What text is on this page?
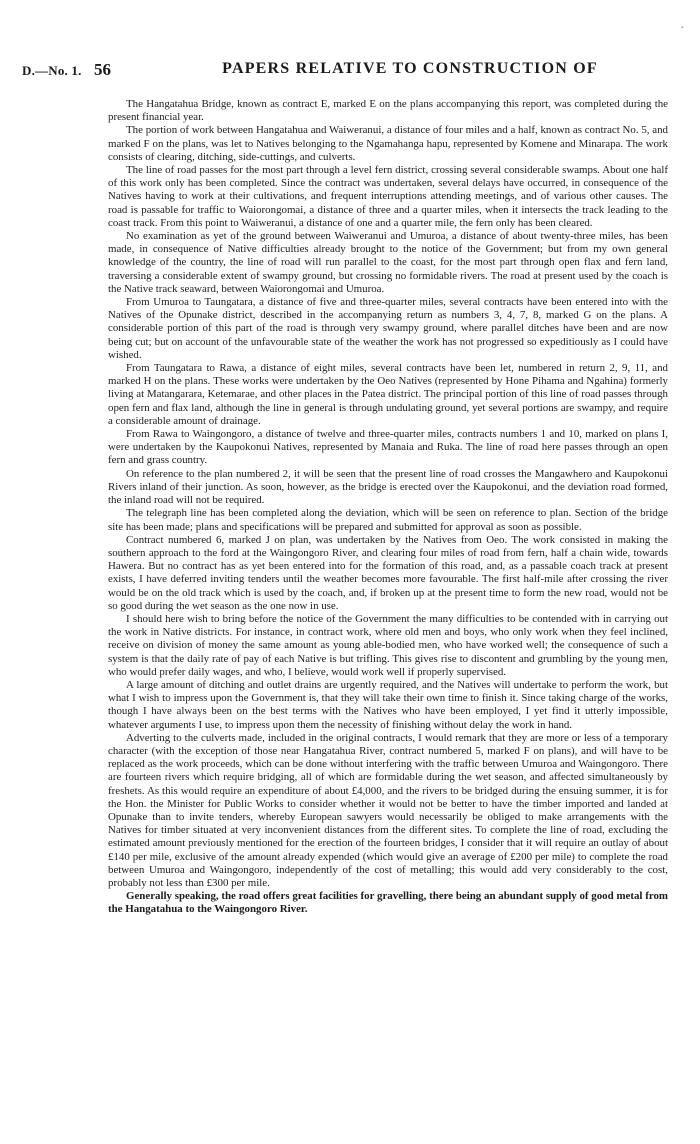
-
D.—No. 1. 56	PAPERS RELATIVE TO CONSTRUCTION OF

The Hangatahua Bridge, known as contract E, marked E on the plans accompanying this report, was completed during the present financial year.

The portion of work between Hangatahua and Waiweranui, a distance of four miles and a half, known as contract No. 5, and marked F on the plans, was let to Natives belonging to the Ngamahanga hapu, represented by Komene and Minarapa. The work consists of clearing, ditching, side-cuttings, and culverts.

The line of road passes for the most part through a level fern district, crossing several considerable swamps. About one half of this work only has been completed. Since the contract was undertaken, several delays have occurred, in consequence of the Natives having to work at their cultivations, and frequent interruptions attending meetings, and of various other causes. The road is passable for traffic to Waiorongomai, a distance of three and a quarter miles, when it intersects the track leading to the coast track. From this point to Waiweranui, a distance of one and a quarter mile, the fern only has been cleared.

No examination as yet of the ground between Waiweranui and Umuroa, a distance of about twenty-three miles, has been made, in consequence of Native difficulties already brought to the notice of the Government; but from my own general knowledge of the country, the line of road will run parallel to the coast, for the most part through open flax and fern land, traversing a considerable extent of swampy ground, but crossing no formidable rivers. The road at present used by the coach is the Native track seaward, between Waiorongomai and Umuroa.

From Umuroa to Taungatara, a distance of five and three-quarter miles, several contracts have been entered into with the Natives of the Opunake district, described in the accompanying return as numbers 3, 4, 7, 8, marked G on the plans. A considerable portion of this part of the road is through very swampy ground, where parallel ditches have been and are now being cut; but on account of the unfavourable state of the weather the work has not progressed so expeditiously as I could have wished.

From Taungatara to Rawa, a distance of eight miles, several contracts have been let, numbered in return 2, 9, 11, and marked H on the plans. These works were undertaken by the Oeo Natives (represented by Hone Pihama and Ngahina) formerly living at Matangarara, Ketemarae, and other places in the Patea district. The principal portion of this line of road passes through open fern and flax land, although the line in general is through undulating ground, yet several portions are swampy, and require a considerable amount of drainage.

From Rawa to Waingongoro, a distance of twelve and three-quarter miles, contracts numbers 1 and 10, marked on plans I, were undertaken by the Kaupokonui Natives, represented by Manaia and Ruka. The line of road here passes through an open fern and grass country.

On reference to the plan numbered 2, it will be seen that the present line of road crosses the Mangawhero and Kaupokonui Rivers inland of their junction. As soon, however, as the bridge is erected over the Kaupokonui, and the deviation road formed, the inland road will not be required.

The telegraph line has been completed along the deviation, which will be seen on reference to plan. Section of the bridge site has been made; plans and specifications will be prepared and submitted for approval as soon as possible.

Contract numbered 6, marked J on plan, was undertaken by the Natives from Oeo. The work consisted in making the southern approach to the ford at the Waingongoro River, and clearing four miles of road from fern, half a chain wide, towards Hawera. But no contract has as yet been entered into for the formation of this road, and, as a passable coach track at present exists, I have deferred inviting tenders until the weather becomes more favourable. The first half-mile after crossing the river would be on the old track which is used by the coach, and, if broken up at the present time to form the new road, would not be so good during the wet season as the one now in use.

I should here wish to bring before the notice of the Government the many difficulties to be contended with in carrying out the work in Native districts. For instance, in contract work, where old men and boys, who only work when they feel inclined, receive on division of money the same amount as young able-bodied men, who have worked well; the consequence of such a system is that the daily rate of pay of each Native is but trifling. This gives rise to discontent and grumbling by the young men, who would prefer daily wages, and who, I believe, would work well if properly supervised.

A large amount of ditching and outlet drains are urgently required, and the Natives will undertake to perform the work, but what I wish to impress upon the Government is, that they will take their own time to finish it. Since taking charge of the works, though I have always been on the best terms with the Natives who have been employed, I yet find it utterly impossible, whatever arguments I use, to impress upon them the necessity of finishing without delay the work in hand.

Adverting to the culverts made, included in the original contracts, I would remark that they are more or less of a temporary character (with the exception of those near Hangatahua River, contract numbered 5, marked F on plans), and will have to be replaced as the work proceeds, which can be done without interfering with the traffic between Umuroa and Waingongoro. There are fourteen rivers which require bridging, all of which are formidable during the wet season, and affected simultaneously by freshets. As this would require an expenditure of about £4,000, and the rivers to be bridged during the ensuing summer, it is for the Hon. the Minister for Public Works to consider whether it would not be better to have the timber imported and landed at Opunake than to invite tenders, whereby European sawyers would necessarily be obliged to make arrangements with the Natives for timber situated at very inconvenient distances from the different sites. To complete the line of road, excluding the estimated amount previously mentioned for the erection of the fourteen bridges, I consider that it will require an outlay of about £140 per mile, exclusive of the amount already expended (which would give an average of £200 per mile) to complete the road between Umuroa and Waingongoro, independently of the cost of metalling; this would add very considerably to the cost, probably not less than £300 per mile.

Generally speaking, the road offers great facilities for gravelling, there being an abundant supply of good metal from the Hangatahua to the Waingongoro River.
